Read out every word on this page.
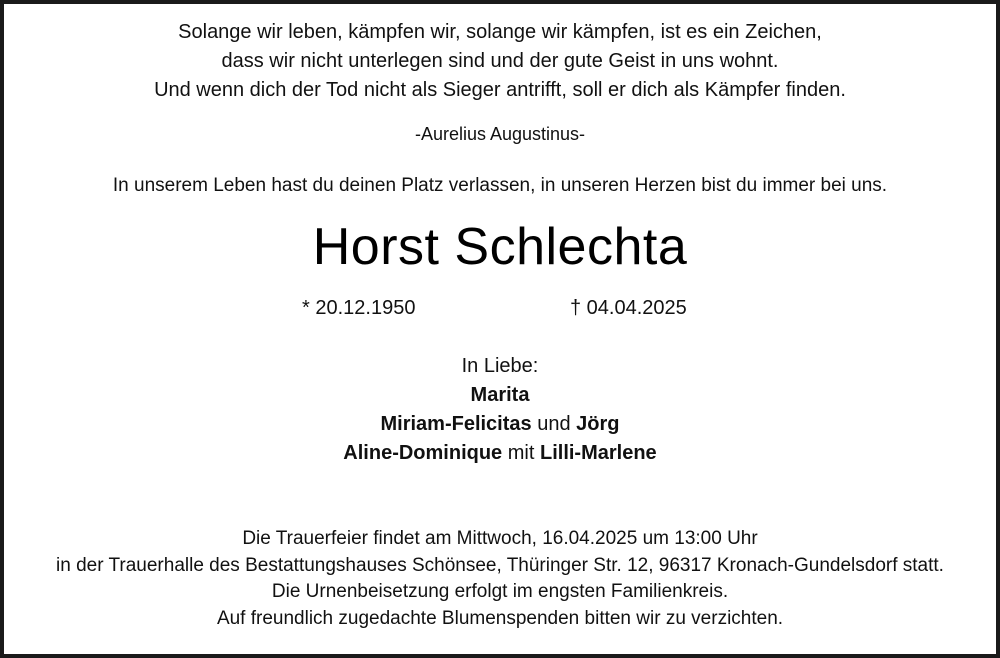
Solange wir leben, kämpfen wir, solange wir kämpfen, ist es ein Zeichen,
dass wir nicht unterlegen sind und der gute Geist in uns wohnt.
Und wenn dich der Tod nicht als Sieger antrifft, soll er dich als Kämpfer finden.
-Aurelius Augustinus-
In unserem Leben hast du deinen Platz verlassen, in unseren Herzen bist du immer bei uns.
Horst Schlechta
* 20.12.1950	† 04.04.2025
In Liebe:
Marita
Miriam-Felicitas und Jörg
Aline-Dominique mit Lilli-Marlene
Die Trauerfeier findet am Mittwoch, 16.04.2025 um 13:00 Uhr
in der Trauerhalle des Bestattungshauses Schönsee, Thüringer Str. 12, 96317 Kronach-Gundelsdorf statt.
Die Urnenbeisetzung erfolgt im engsten Familienkreis.
Auf freundlich zugedachte Blumenspenden bitten wir zu verzichten.
